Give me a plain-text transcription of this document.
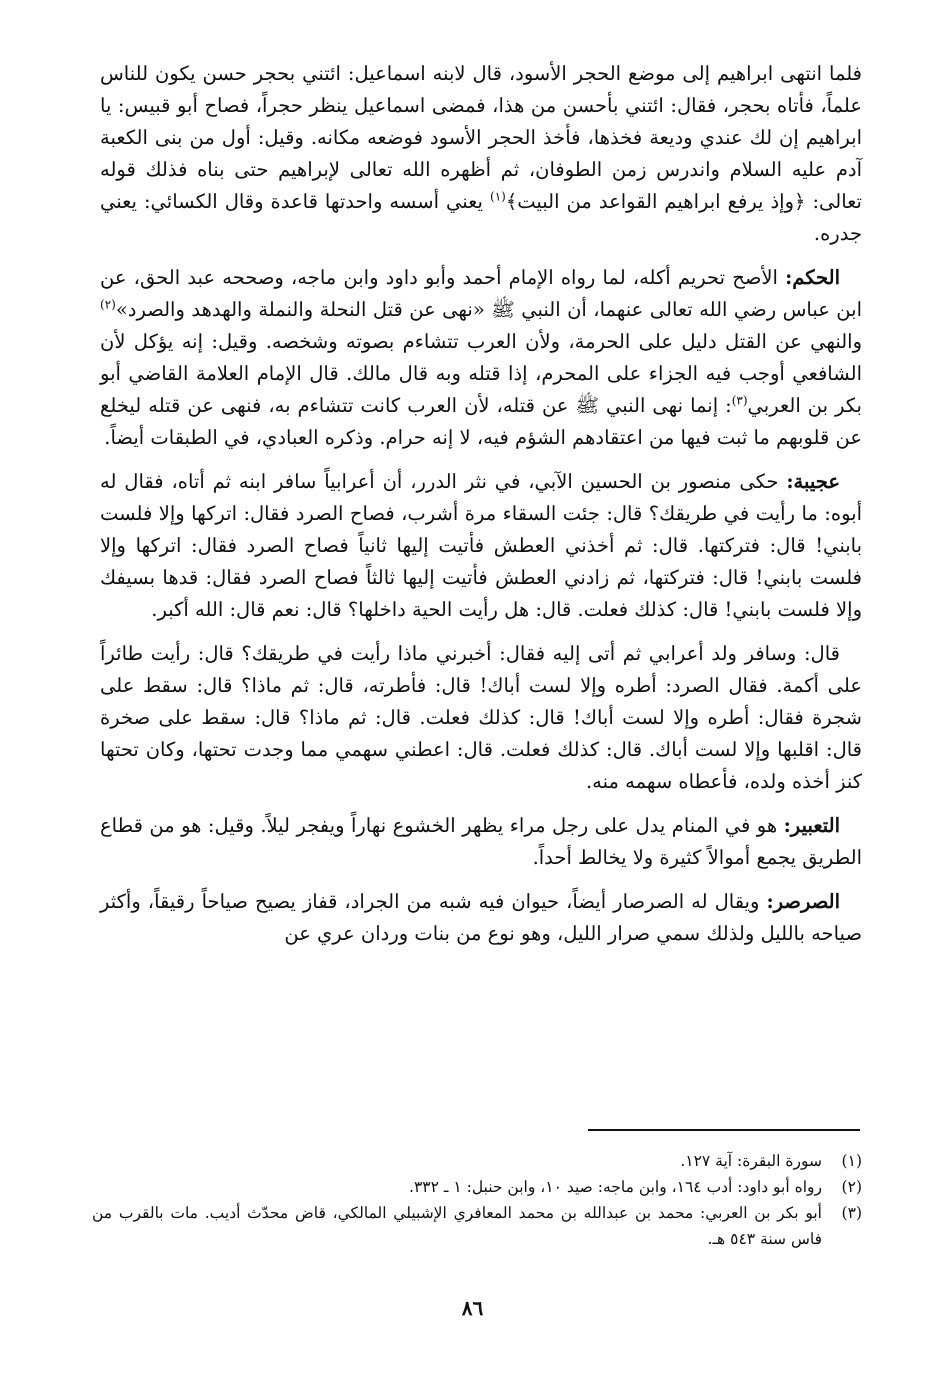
فلما انتهى ابراهيم إلى موضع الحجر الأسود، قال لابنه اسماعيل: ائتني بحجر حسن يكون للناس علماً، فأتاه بحجر، فقال: ائتني بأحسن من هذا، فمضى اسماعيل ينظر حجراً، فصاح أبو قبيس: يا ابراهيم إن لك عندي وديعة فخذها، فأخذ الحجر الأسود فوضعه مكانه. وقيل: أول من بنى الكعبة آدم عليه السلام واندرس زمن الطوفان، ثم أظهره الله تعالى لإبراهيم حتى بناه فذلك قوله تعالى: ﴿وإذ يرفع ابراهيم القواعد من البيت﴾$^{(١)}$ يعني أسسه واحدتها قاعدة وقال الكسائي: يعني جدره.

الحكم: الأصح تحريم أكله، لما رواه الإمام أحمد وأبو داود وابن ماجه، وصححه عبد الحق، عن ابن عباس رضي الله تعالى عنهما، أن النبي ﷺ «نهى عن قتل النحلة والنملة والهدهد والصرد»$^{(٢)}$ والنهي عن القتل دليل على الحرمة، ولأن العرب تتشاءم بصوته وشخصه. وقيل: إنه يؤكل لأن الشافعي أوجب فيه الجزاء على المحرم، إذا قتله وبه قال مالك. قال الإمام العلامة القاضي أبو بكر بن العربي$^{(٣)}$: إنما نهى النبي ﷺ عن قتله، لأن العرب كانت تتشاءم به، فنهى عن قتله ليخلع عن قلوبهم ما ثبت فيها من اعتقادهم الشؤم فيه، لا إنه حرام. وذكره العبادي، في الطبقات أيضاً.

عجيبة: حكى منصور بن الحسين الآبي، في نثر الدرر، أن أعرابياً سافر ابنه ثم أتاه، فقال له أبوه: ما رأيت في طريقك؟ قال: جئت السقاء مرة أشرب، فصاح الصرد فقال: اتركها وإلا فلست بابني! قال: فتركتها. قال: ثم أخذني العطش فأتيت إليها ثانياً فصاح الصرد فقال: اتركها وإلا فلست بابني! قال: فتركتها، ثم زادني العطش فأتيت إليها ثالثاً فصاح الصرد فقال: قدها بسيفك وإلا فلست بابني! قال: كذلك فعلت. قال: هل رأيت الحية داخلها؟ قال: نعم قال: الله أكبر.

قال: وسافر ولد أعرابي ثم أتى إليه فقال: أخبرني ماذا رأيت في طريقك؟ قال: رأيت طائراً على أكمة. فقال الصرد: أطره وإلا لست أباك! قال: فأطرته، قال: ثم ماذا؟ قال: سقط على شجرة فقال: أطره وإلا لست أباك! قال: كذلك فعلت. قال: ثم ماذا؟ قال: سقط على صخرة قال: اقلبها وإلا لست أباك. قال: كذلك فعلت. قال: اعطني سهمي مما وجدت تحتها، وكان تحتها كنز أخذه ولده، فأعطاه سهمه منه.

التعبير: هو في المنام يدل على رجل مراء يظهر الخشوع نهاراً ويفجر ليلاً. وقيل: هو من قطاع الطريق يجمع أموالاً كثيرة ولا يخالط أحداً.

الصرصر: ويقال له الصرصار أيضاً، حيوان فيه شبه من الجراد، قفاز يصيح صياحاً رقيقاً، وأكثر صياحه بالليل ولذلك سمي صرار الليل، وهو نوع من بنات وردان عري عن

(١)
سورة البقرة: آية ١٢٧.
(٢)
رواه أبو داود: أدب ١٦٤، وابن ماجه: صيد ١٠، وابن حنبل: ١ ـ ٣٣٢.
(٣)
أبو بكر بن العربي: محمد بن عبدالله بن محمد المعافري الإشبيلي المالكي، قاض محدّث أديب. مات بالقرب من فاس سنة ٥٤٣ هـ.
٨٦
